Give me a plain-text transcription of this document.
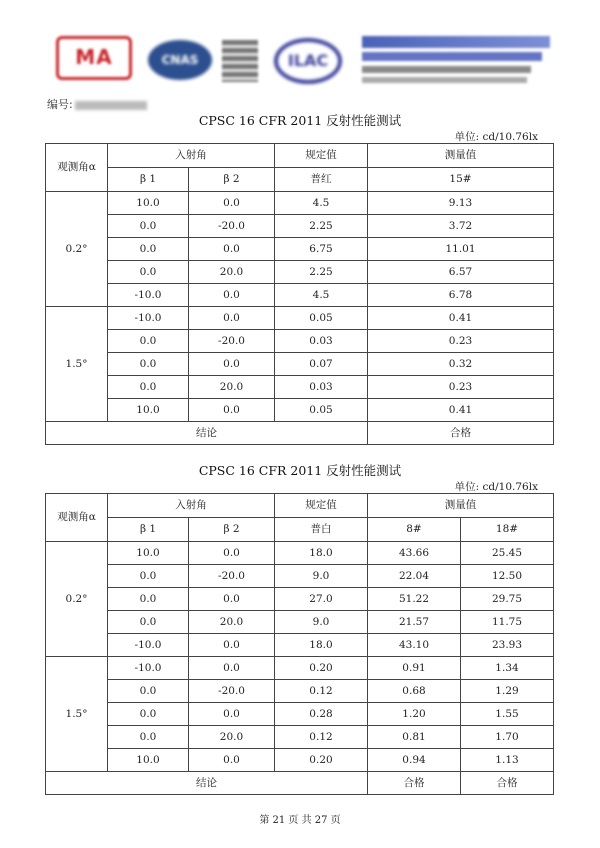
MA	CNAS	ILAC
编号:
CPSC 16 CFR 2011 反射性能测试
单位: cd/10.76lx
观测角α	入射角		规定值	测量值
	β 1	β 2	普红	15#
0.2°	10.0	0.0	4.5	9.13
	0.0	-20.0	2.25	3.72
	0.0	0.0	6.75	11.01
	0.0	20.0	2.25	6.57
	-10.0	0.0	4.5	6.78
1.5°	-10.0	0.0	0.05	0.41
	0.0	-20.0	0.03	0.23
	0.0	0.0	0.07	0.32
	0.0	20.0	0.03	0.23
	10.0	0.0	0.05	0.41
结论				合格
CPSC 16 CFR 2011 反射性能测试
单位: cd/10.76lx
观测角α	入射角		规定值	测量值	
	β 1	β 2	普白	8#	18#
0.2°	10.0	0.0	18.0	43.66	25.45
	0.0	-20.0	9.0	22.04	12.50
	0.0	0.0	27.0	51.22	29.75
	0.0	20.0	9.0	21.57	11.75
	-10.0	0.0	18.0	43.10	23.93
1.5°	-10.0	0.0	0.20	0.91	1.34
	0.0	-20.0	0.12	0.68	1.29
	0.0	0.0	0.28	1.20	1.55
	0.0	20.0	0.12	0.81	1.70
	10.0	0.0	0.20	0.94	1.13
结论				合格	合格
第 21 页 共 27 页
